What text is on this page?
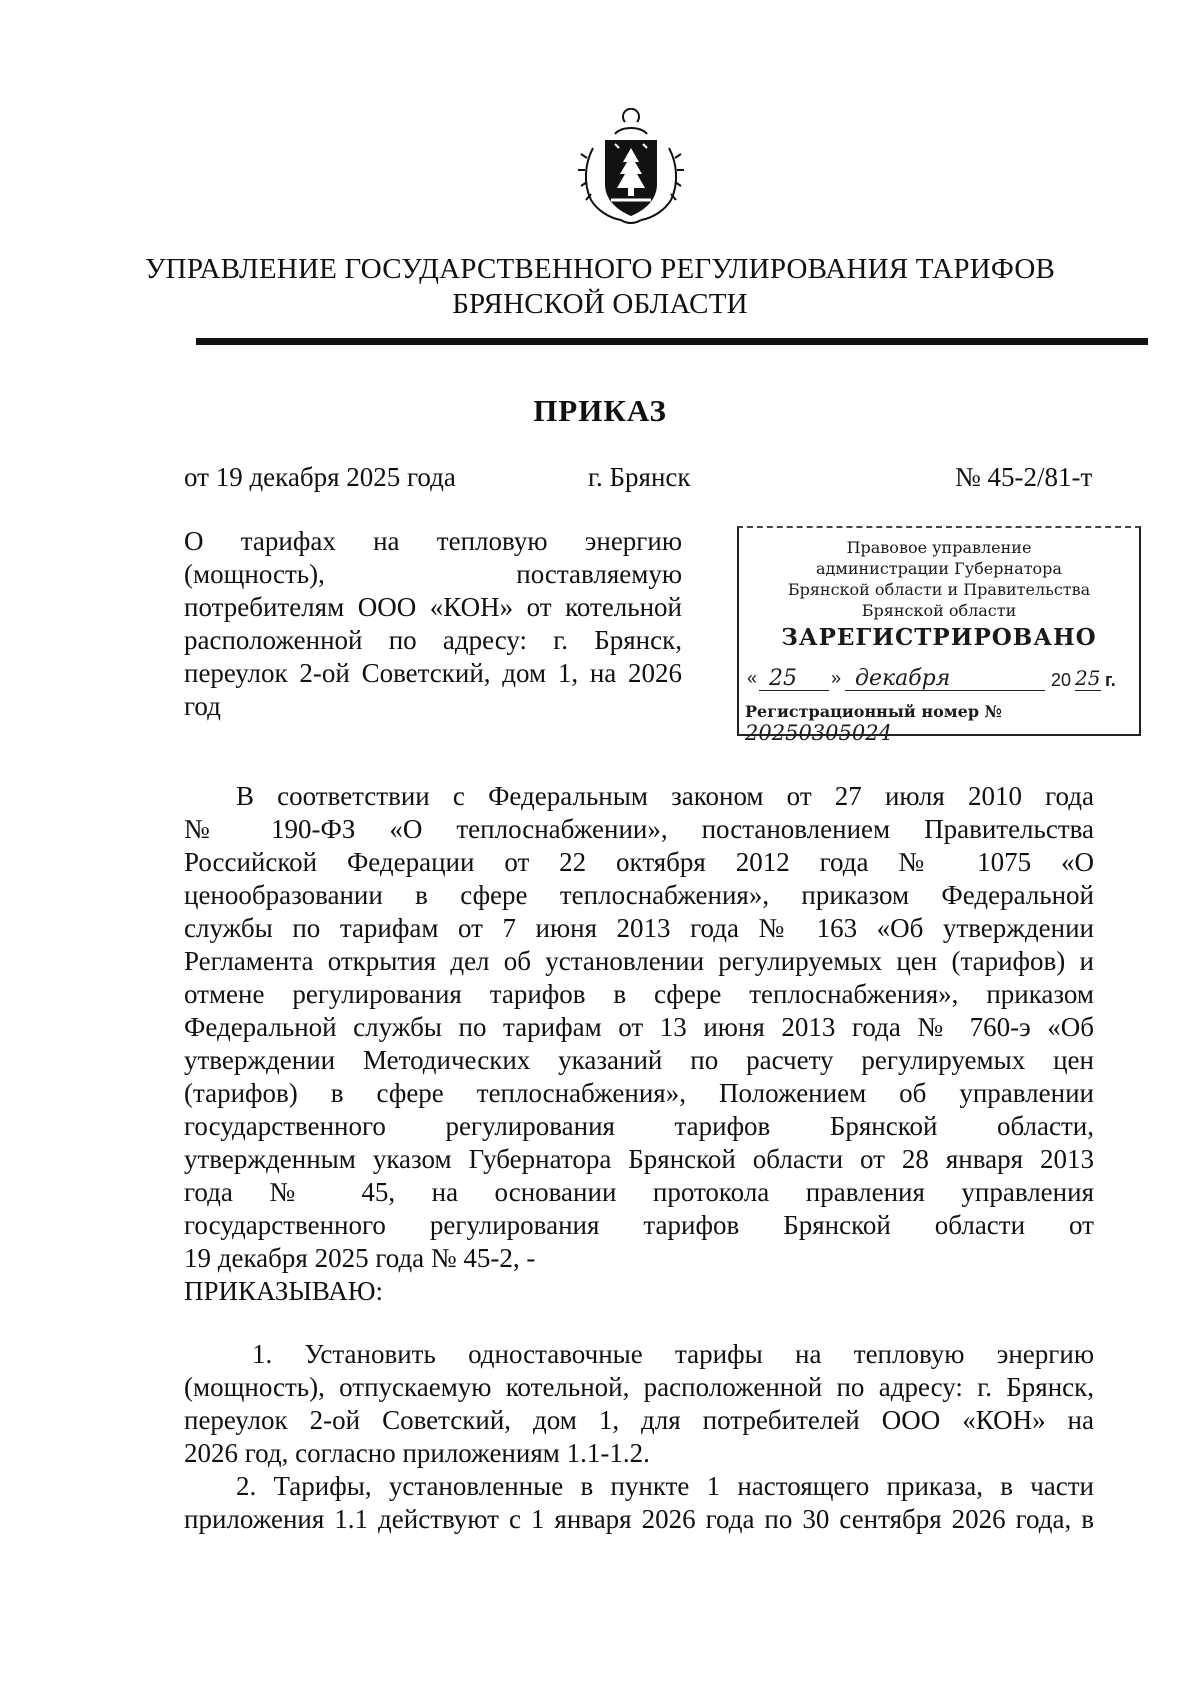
УПРАВЛЕНИЕ ГОСУДАРСТВЕННОГО РЕГУЛИРОВАНИЯ ТАРИФОВ
БРЯНСКОЙ ОБЛАСТИ
ПРИКАЗ
от 19 декабря 2025 года	г. Брянск	№ 45-2/81-т
О тарифах на тепловую энергию
(мощность), поставляемую
потребителям ООО «КОН» от котельной
расположенной по адресу: г. Брянск,
переулок 2-ой Советский, дом 1, на 2026
год
Правовое управление
администрации Губернатора
Брянской области и Правительства
Брянской области
ЗАРЕГИСТРИРОВАНО
« 25 » декабря	20 25 г.
Регистрационный номер № 20250305024
В соответствии с Федеральным законом от 27 июля 2010 года
№ 190-ФЗ «О теплоснабжении», постановлением Правительства
Российской Федерации от 22 октября 2012 года № 1075 «О
ценообразовании в сфере теплоснабжения», приказом Федеральной
службы по тарифам от 7 июня 2013 года № 163 «Об утверждении
Регламента открытия дел об установлении регулируемых цен (тарифов) и
отмене регулирования тарифов в сфере теплоснабжения», приказом
Федеральной службы по тарифам от 13 июня 2013 года № 760-э «Об
утверждении Методических указаний по расчету регулируемых цен
(тарифов) в сфере теплоснабжения», Положением об управлении
государственного регулирования тарифов Брянской области,
утвержденным указом Губернатора Брянской области от 28 января 2013
года № 45, на основании протокола правления управления
государственного регулирования тарифов Брянской области от
19 декабря 2025 года № 45-2, -
ПРИКАЗЫВАЮ:
1. Установить одноставочные тарифы на тепловую энергию
(мощность), отпускаемую котельной, расположенной по адресу: г. Брянск,
переулок 2-ой Советский, дом 1, для потребителей ООО «КОН» на
2026 год, согласно приложениям 1.1-1.2.
2. Тарифы, установленные в пункте 1 настоящего приказа, в части
приложения 1.1 действуют с 1 января 2026 года по 30 сентября 2026 года, в
